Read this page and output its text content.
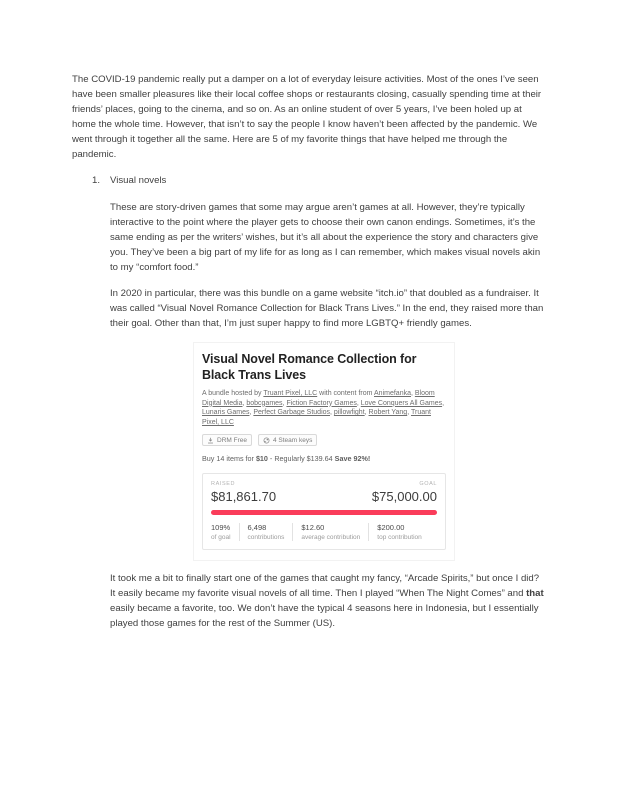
The COVID-19 pandemic really put a damper on a lot of everyday leisure activities. Most of the ones I’ve seen have been smaller pleasures like their local coffee shops or restaurants closing, casually spending time at their friends’ places, going to the cinema, and so on. As an online student of over 5 years, I’ve been holed up at home the whole time. However, that isn’t to say the people I know haven’t been affected by the pandemic. We went through it together all the same. Here are 5 of my favorite things that have helped me through the pandemic.

1.	Visual novels

These are story-driven games that some may argue aren’t games at all. However, they’re typically interactive to the point where the player gets to choose their own canon endings. Sometimes, it’s the same ending as per the writers’ wishes, but it’s all about the experience the story and characters give you. They’ve been a big part of my life for as long as I can remember, which makes visual novels akin to my “comfort food.”

In 2020 in particular, there was this bundle on a game website “itch.io” that doubled as a fundraiser. It was called “Visual Novel Romance Collection for Black Trans Lives.” In the end, they raised more than their goal. Other than that, I’m just super happy to find more LGBTQ+ friendly games.

Visual Novel Romance Collection for Black Trans Lives
A bundle hosted by Truant Pixel, LLC with content from Animefanka, Bloom Digital Media, bobcgames, Fiction Factory Games, Love Conquers All Games, Lunaris Games, Perfect Garbage Studios, pillowfight, Robert Yang, Truant Pixel, LLC
DRM Free	4 Steam keys
Buy 14 items for $10 - Regularly $139.64 Save 92%!
RAISED	GOAL
$81,861.70	$75,000.00
109%
of goal
6,498
contributions
$12.60
average contribution
$200.00
top contribution

It took me a bit to finally start one of the games that caught my fancy, “Arcade Spirits,” but once I did? It easily became my favorite visual novels of all time. Then I played “When The Night Comes” and that easily became a favorite, too. We don’t have the typical 4 seasons here in Indonesia, but I essentially played those games for the rest of the Summer (US).
